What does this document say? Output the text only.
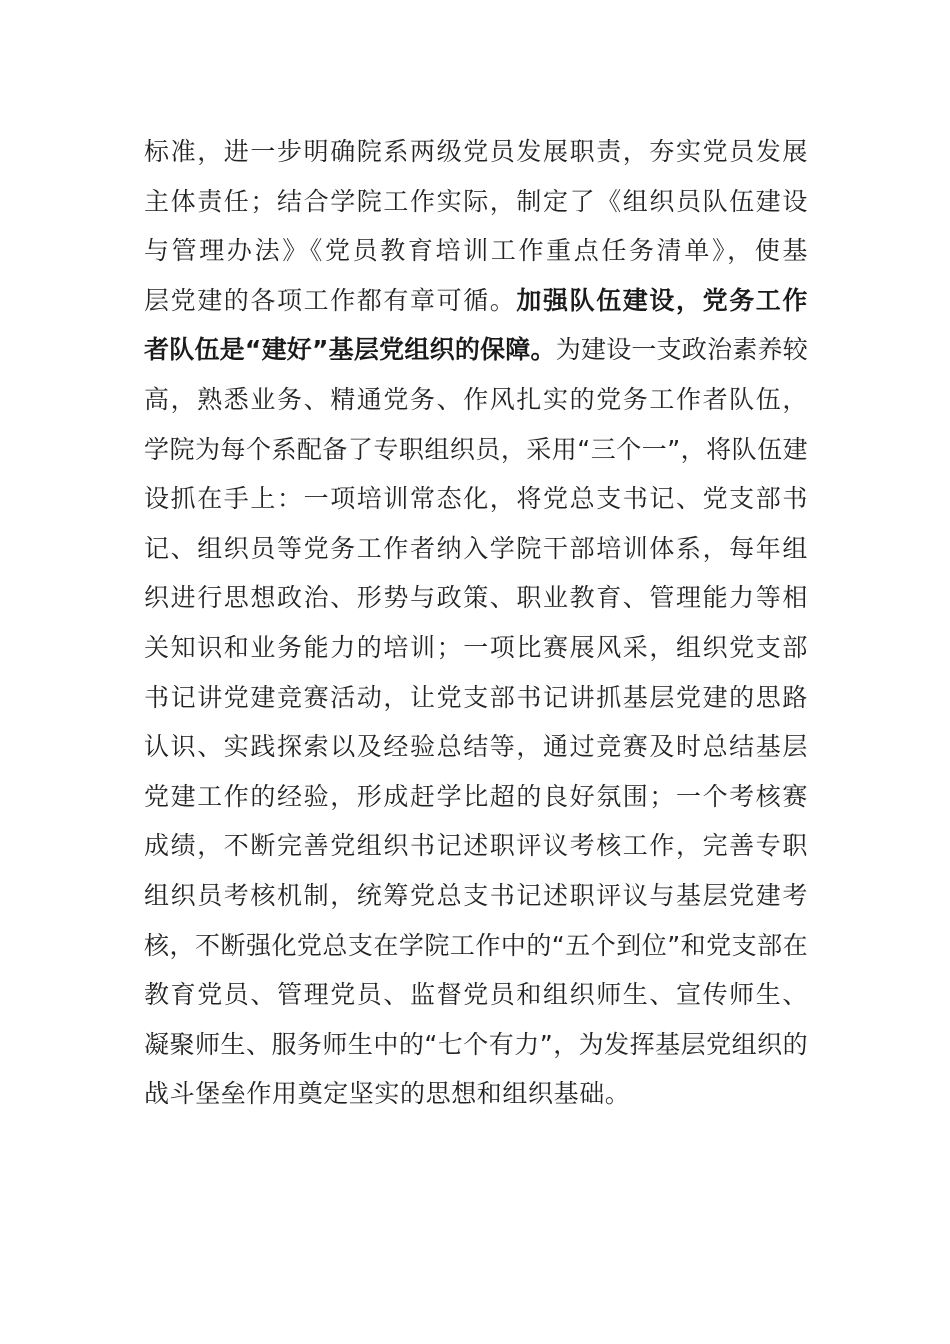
标准，进一步明确院系两级党员发展职责，夯实党员发展
主体责任；结合学院工作实际，制定了《组织员队伍建设
与管理办法》《党员教育培训工作重点任务清单》，使基
层党建的各项工作都有章可循。加强队伍建设，党务工作
者队伍是“建好”基层党组织的保障。为建设一支政治素养较
高，熟悉业务、精通党务、作风扎实的党务工作者队伍，
学院为每个系配备了专职组织员，采用“三个一”，将队伍建
设抓在手上：一项培训常态化，将党总支书记、党支部书
记、组织员等党务工作者纳入学院干部培训体系，每年组
织进行思想政治、形势与政策、职业教育、管理能力等相
关知识和业务能力的培训；一项比赛展风采，组织党支部
书记讲党建竞赛活动，让党支部书记讲抓基层党建的思路
认识、实践探索以及经验总结等，通过竞赛及时总结基层
党建工作的经验，形成赶学比超的良好氛围；一个考核赛
成绩，不断完善党组织书记述职评议考核工作，完善专职
组织员考核机制，统筹党总支书记述职评议与基层党建考
核，不断强化党总支在学院工作中的“五个到位”和党支部在
教育党员、管理党员、监督党员和组织师生、宣传师生、
凝聚师生、服务师生中的“七个有力”，为发挥基层党组织的
战斗堡垒作用奠定坚实的思想和组织基础。
